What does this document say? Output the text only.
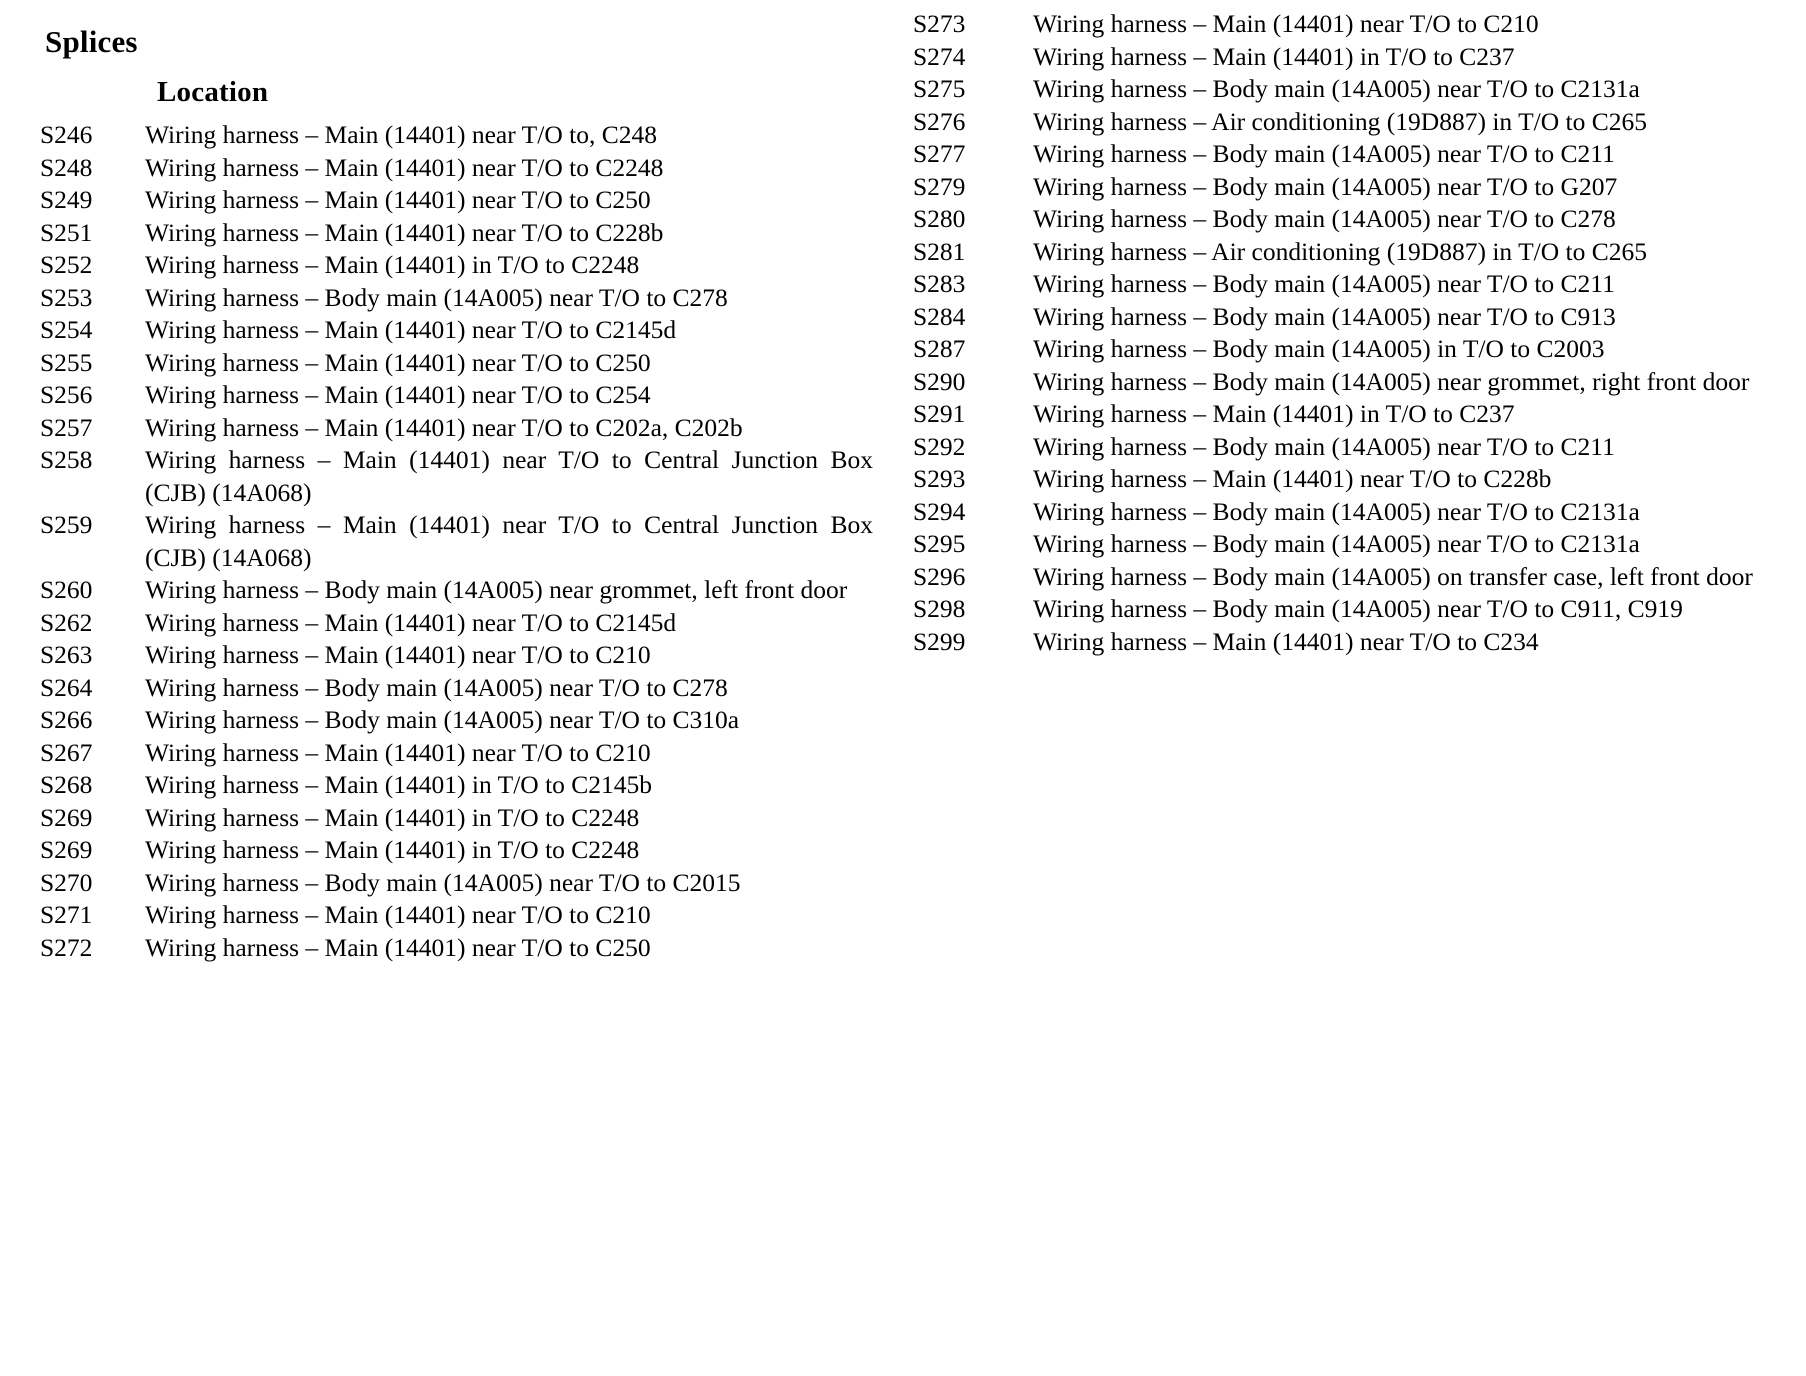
Splices
Location
S246	Wiring harness – Main (14401) near T/O to, C248
S248	Wiring harness – Main (14401) near T/O to C2248
S249	Wiring harness – Main (14401) near T/O to C250
S251	Wiring harness – Main (14401) near T/O to C228b
S252	Wiring harness – Main (14401) in T/O to C2248
S253	Wiring harness – Body main (14A005) near T/O to C278
S254	Wiring harness – Main (14401) near T/O to C2145d
S255	Wiring harness – Main (14401) near T/O to C250
S256	Wiring harness – Main (14401) near T/O to C254
S257	Wiring harness – Main (14401) near T/O to C202a, C202b
S258	Wiring harness – Main (14401) near T/O to Central Junction Box (CJB) (14A068)
S259	Wiring harness – Main (14401) near T/O to Central Junction Box (CJB) (14A068)
S260	Wiring harness – Body main (14A005) near grommet, left front door
S262	Wiring harness – Main (14401) near T/O to C2145d
S263	Wiring harness – Main (14401) near T/O to C210
S264	Wiring harness – Body main (14A005) near T/O to C278
S266	Wiring harness – Body main (14A005) near T/O to C310a
S267	Wiring harness – Main (14401) near T/O to C210
S268	Wiring harness – Main (14401) in T/O to C2145b
S269	Wiring harness – Main (14401) in T/O to C2248
S269	Wiring harness – Main (14401) in T/O to C2248
S270	Wiring harness – Body main (14A005) near T/O to C2015
S271	Wiring harness – Main (14401) near T/O to C210
S272	Wiring harness – Main (14401) near T/O to C250
S273	Wiring harness – Main (14401) near T/O to C210
S274	Wiring harness – Main (14401) in T/O to C237
S275	Wiring harness – Body main (14A005) near T/O to C2131a
S276	Wiring harness – Air conditioning (19D887) in T/O to C265
S277	Wiring harness – Body main (14A005) near T/O to C211
S279	Wiring harness – Body main (14A005) near T/O to G207
S280	Wiring harness – Body main (14A005) near T/O to C278
S281	Wiring harness – Air conditioning (19D887) in T/O to C265
S283	Wiring harness – Body main (14A005) near T/O to C211
S284	Wiring harness – Body main (14A005) near T/O to C913
S287	Wiring harness – Body main (14A005) in T/O to C2003
S290	Wiring harness – Body main (14A005) near grommet, right front door
S291	Wiring harness – Main (14401) in T/O to C237
S292	Wiring harness – Body main (14A005) near T/O to C211
S293	Wiring harness – Main (14401) near T/O to C228b
S294	Wiring harness – Body main (14A005) near T/O to C2131a
S295	Wiring harness – Body main (14A005) near T/O to C2131a
S296	Wiring harness – Body main (14A005) on transfer case, left front door
S298	Wiring harness – Body main (14A005) near T/O to C911, C919
S299	Wiring harness – Main (14401) near T/O to C234
